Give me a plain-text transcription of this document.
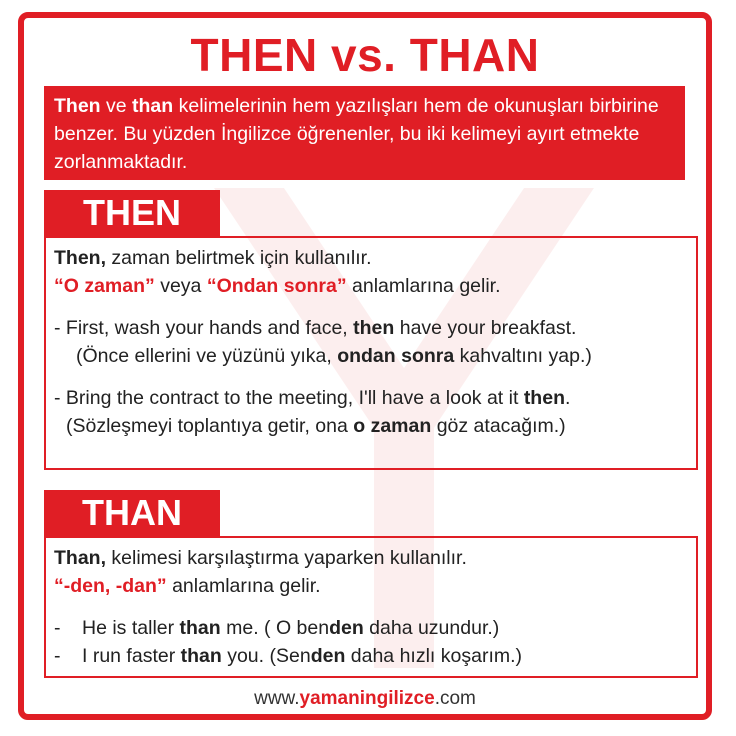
THEN vs. THAN
Then ve than kelimelerinin hem yazılışları hem de okunuşları birbirine benzer. Bu yüzden İngilizce öğrenenler, bu iki kelimeyi ayırt etmekte zorlanmaktadır.
THEN
Then, zaman belirtmek için kullanılır.
“O zaman” veya “Ondan sonra” anlamlarına gelir.
- First, wash your hands and face, then have your breakfast.
(Önce ellerini ve yüzünü yıka, ondan sonra kahvaltını yap.)
- Bring the contract to the meeting, I'll have a look at it then.
(Sözleşmeyi toplantıya getir, ona o zaman göz atacağım.)
THAN
Than, kelimesi karşılaştırma yaparken kullanılır.
“-den, -dan” anlamlarına gelir.
- He is taller than me. ( O benden daha uzundur.)
- I run faster than you. (Senden daha hızlı koşarım.)
www.yamaningilizce.com
